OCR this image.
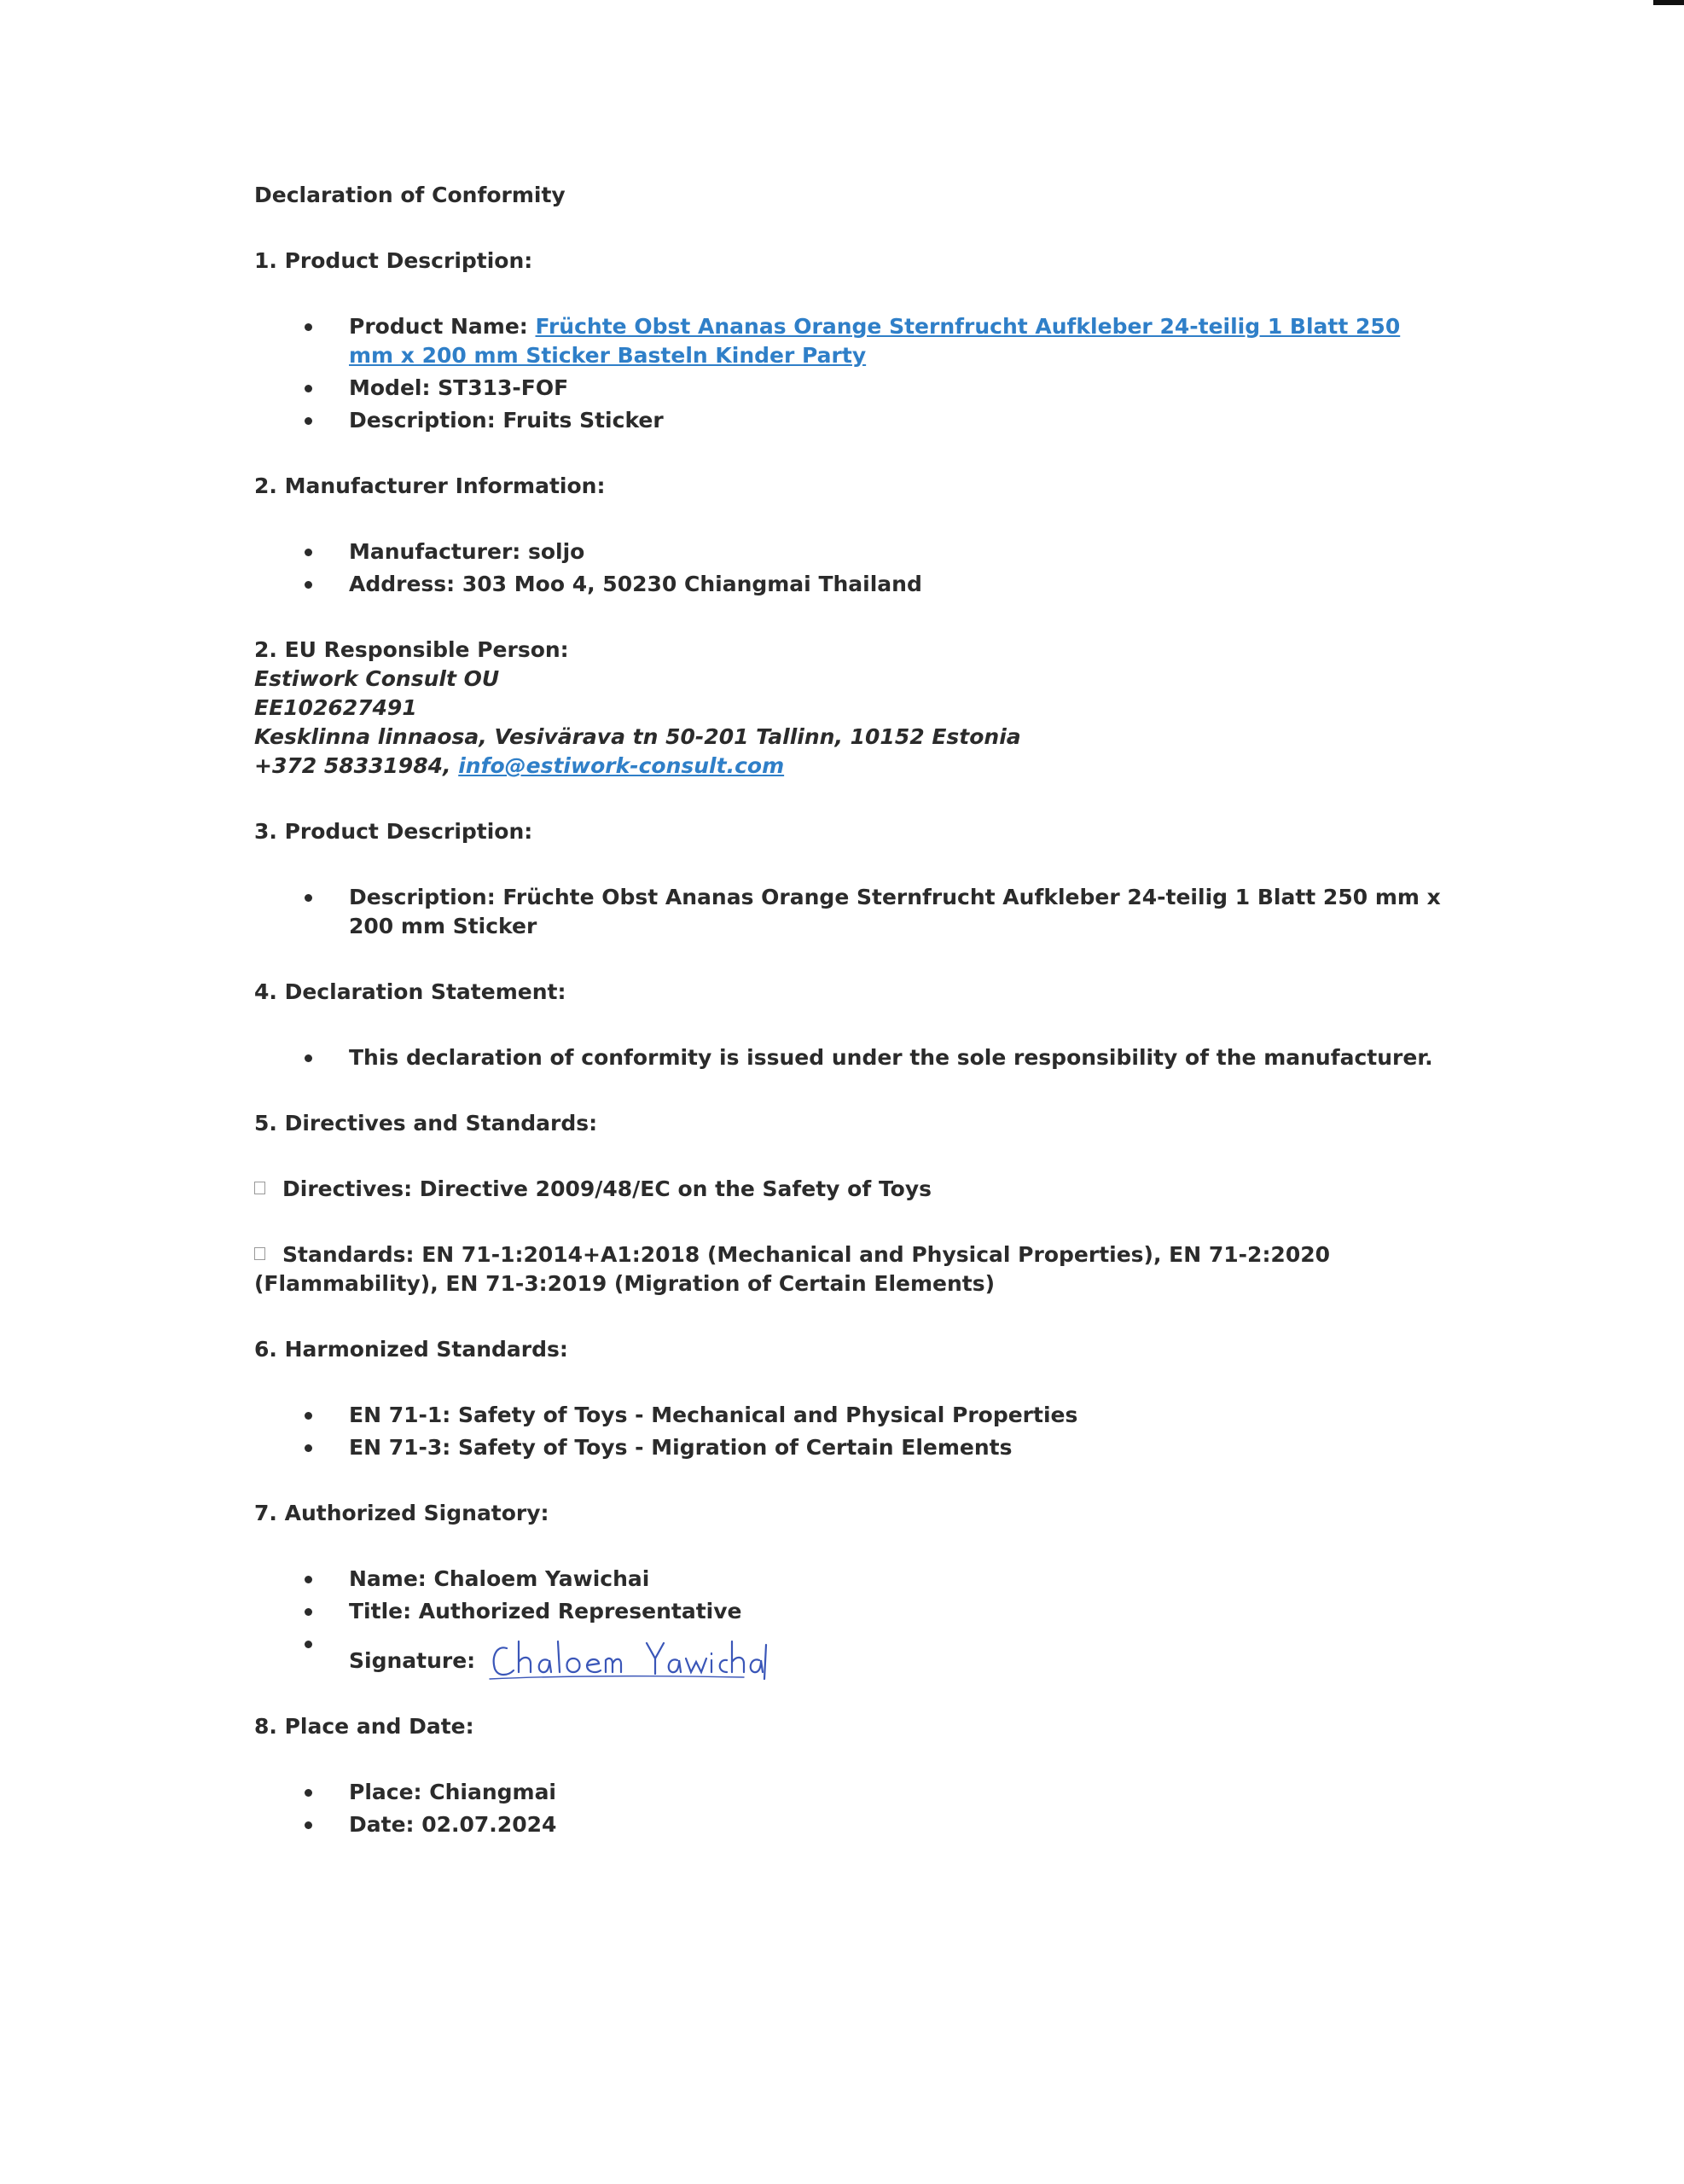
Declaration of Conformity
1. Product Description:
Product Name: Früchte Obst Ananas Orange Sternfrucht Aufkleber 24-teilig 1 Blatt 250 mm x 200 mm Sticker Basteln Kinder Party
Model: ST313-FOF
Description: Fruits Sticker
2. Manufacturer Information:
Manufacturer: soljo
Address: 303 Moo 4, 50230 Chiangmai Thailand
2. EU Responsible Person:

Estiwork Consult OU

EE102627491

Kesklinna linnaosa, Vesivärava tn 50-201 Tallinn, 10152 Estonia

+372 58331984, info@estiwork-consult.com

3. Product Description:
Description: Früchte Obst Ananas Orange Sternfrucht Aufkleber 24-teilig 1 Blatt 250 mm x 200 mm Sticker
4. Declaration Statement:
This declaration of conformity is issued under the sole responsibility of the manufacturer.
5. Directives and Standards:
Directives: Directive 2009/48/EC on the Safety of Toys
Standards: EN 71-1:2014+A1:2018 (Mechanical and Physical Properties), EN 71-2:2020 (Flammability), EN 71-3:2019 (Migration of Certain Elements)
6. Harmonized Standards:
EN 71-1: Safety of Toys - Mechanical and Physical Properties
EN 71-3: Safety of Toys - Migration of Certain Elements
7. Authorized Signatory:
Name: Chaloem Yawichai
Title: Authorized Representative
Signature:
8. Place and Date:
Place: Chiangmai
Date: 02.07.2024
